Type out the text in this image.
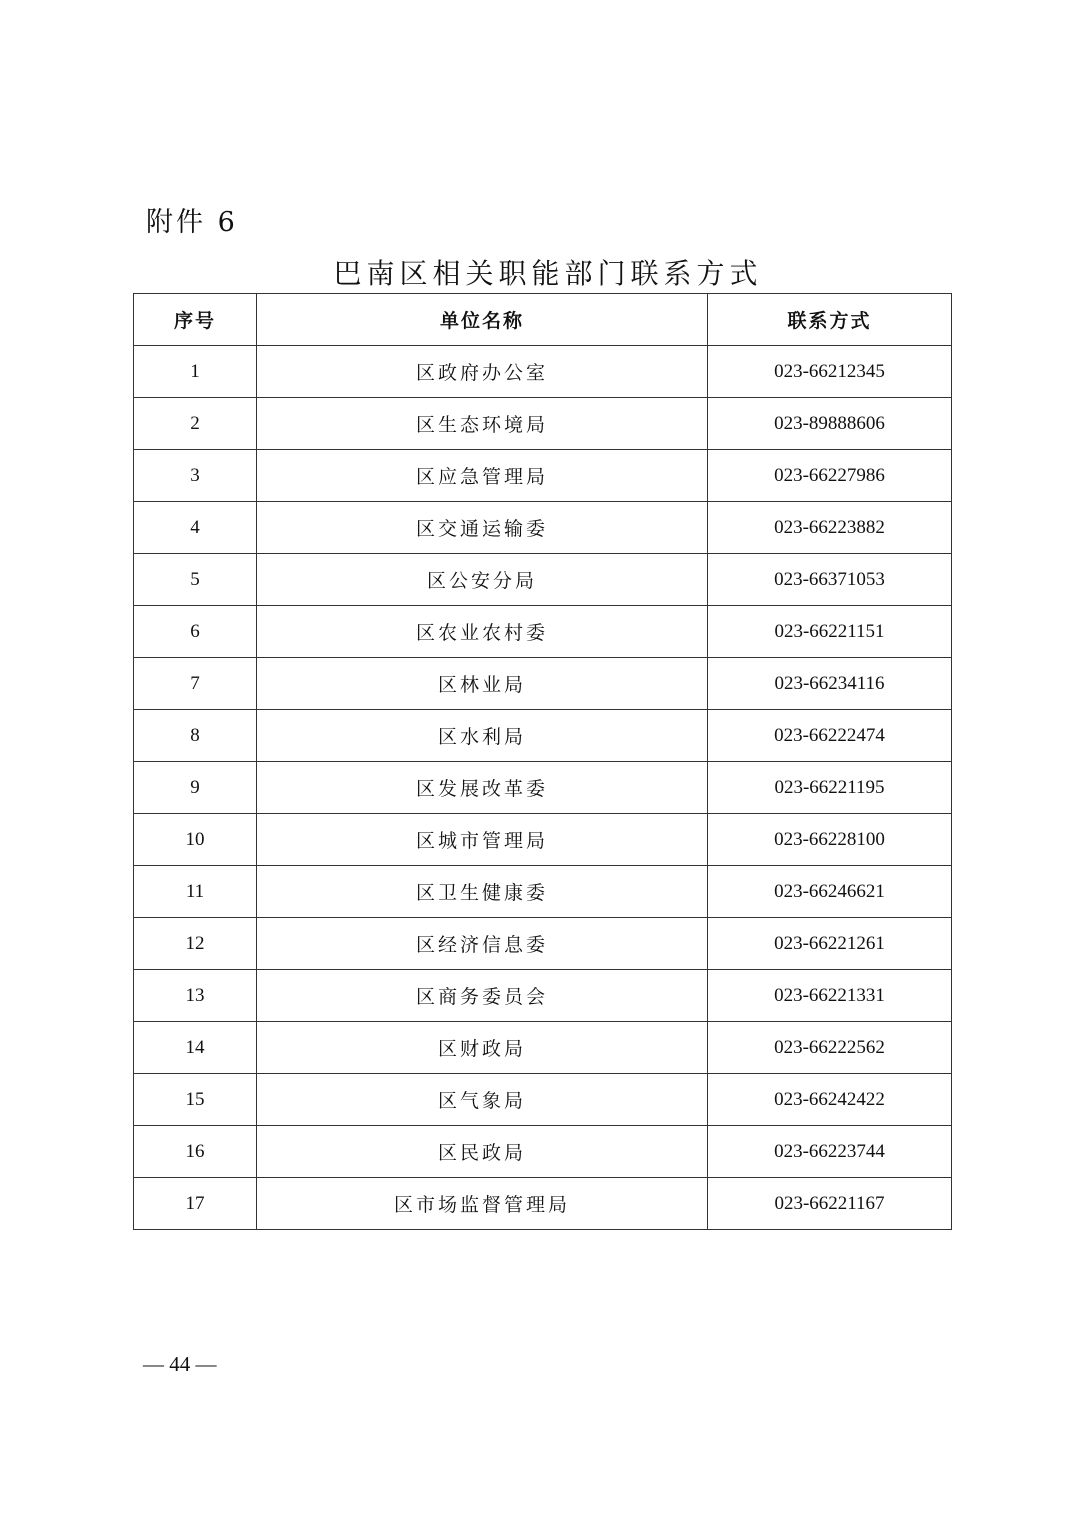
附件 6
巴南区相关职能部门联系方式
序号	单位名称	联系方式
1	区政府办公室	023-66212345
2	区生态环境局	023-89888606
3	区应急管理局	023-66227986
4	区交通运输委	023-66223882
5	区公安分局	023-66371053
6	区农业农村委	023-66221151
7	区林业局	023-66234116
8	区水利局	023-66222474
9	区发展改革委	023-66221195
10	区城市管理局	023-66228100
11	区卫生健康委	023-66246621
12	区经济信息委	023-66221261
13	区商务委员会	023-66221331
14	区财政局	023-66222562
15	区气象局	023-66242422
16	区民政局	023-66223744
17	区市场监督管理局	023-66221167
— 44 —
